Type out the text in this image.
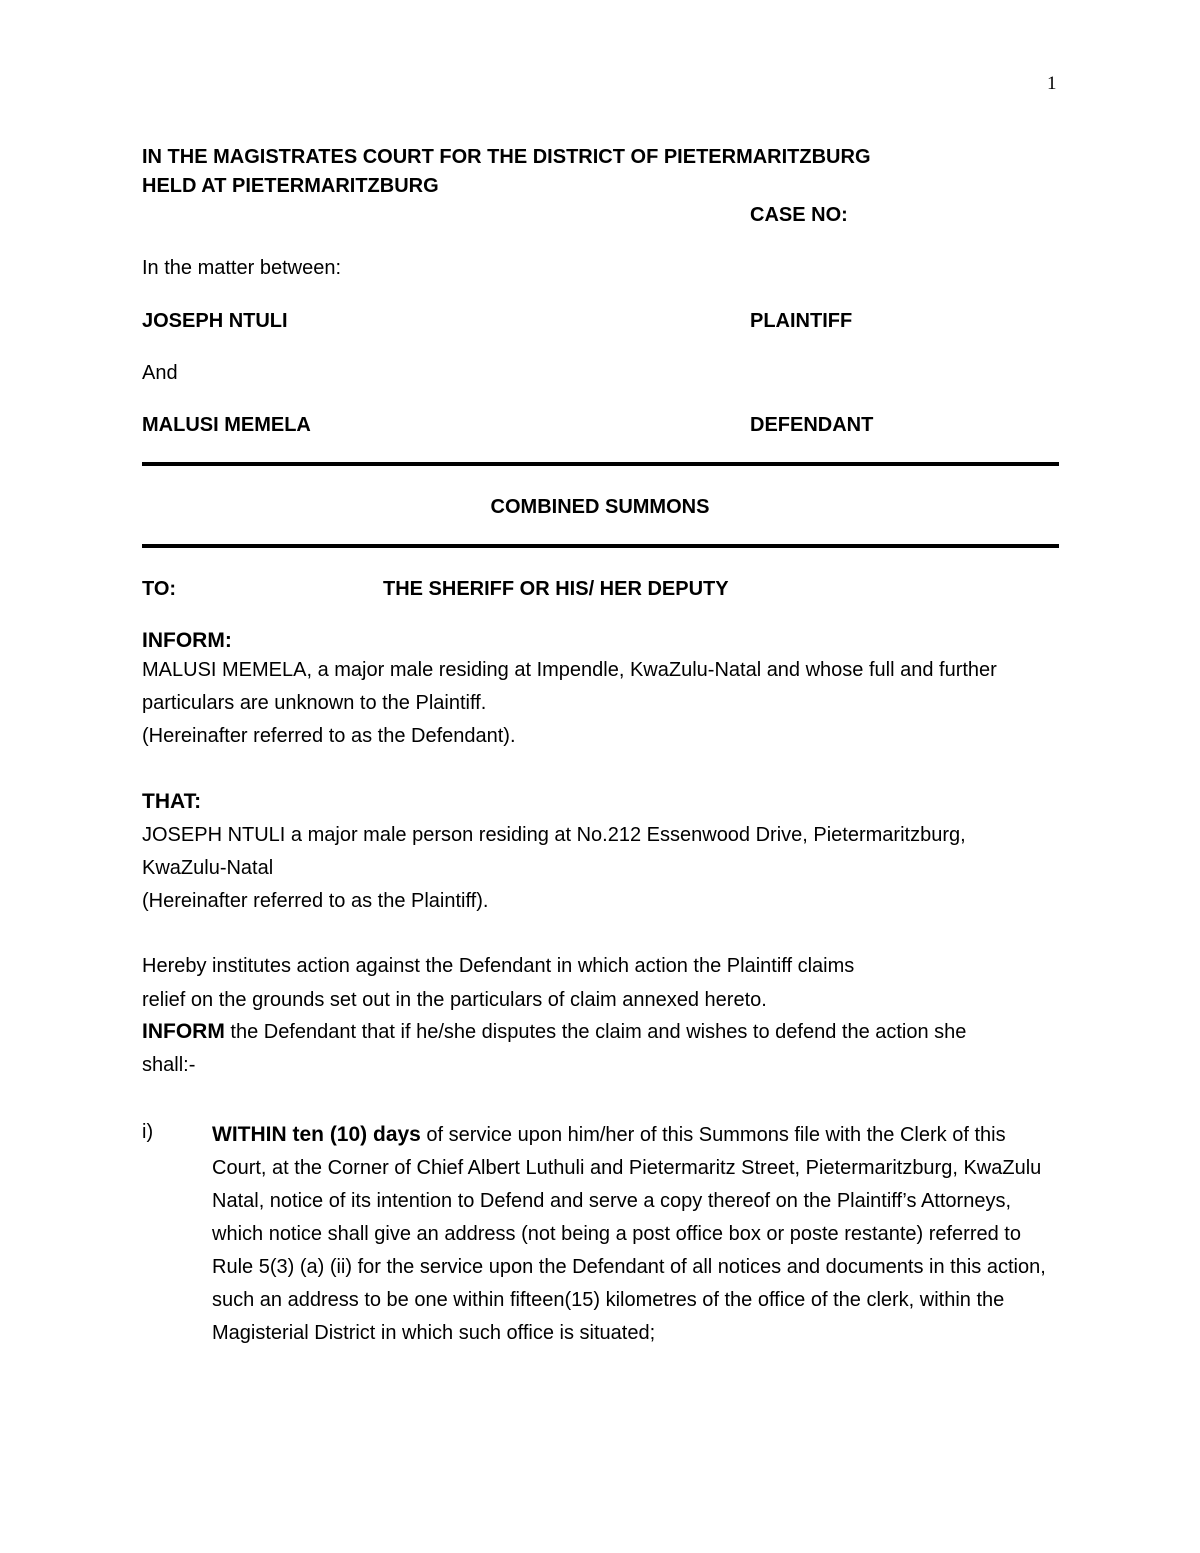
1
IN THE MAGISTRATES COURT FOR THE DISTRICT OF PIETERMARITZBURG
HELD AT PIETERMARITZBURG
CASE NO:
In the matter between:
JOSEPH NTULI	PLAINTIFF
And
MALUSI MEMELA	DEFENDANT
COMBINED SUMMONS
TO:	THE SHERIFF OR HIS/ HER DEPUTY
INFORM:
MALUSI MEMELA, a major male residing at Impendle, KwaZulu-Natal and whose full and further
particulars are unknown to the Plaintiff.
(Hereinafter referred to as the Defendant).
THAT:
JOSEPH NTULI a major male person residing at No.212 Essenwood Drive, Pietermaritzburg,
KwaZulu-Natal
(Hereinafter referred to as the Plaintiff).
Hereby institutes action against the Defendant in which action the Plaintiff claims
relief on the grounds set out in the particulars of claim annexed hereto.
INFORM the Defendant that if he/she disputes the claim and wishes to defend the action she
shall:-
i)	WITHIN ten (10) days of service upon him/her of this Summons file with the Clerk of this Court, at the Corner of Chief Albert Luthuli and Pietermaritz Street, Pietermaritzburg, KwaZulu Natal, notice of its intention to Defend and serve a copy thereof on the Plaintiff’s Attorneys, which notice shall give an address (not being a post office box or poste restante) referred to Rule 5(3) (a) (ii) for the service upon the Defendant of all notices and documents in this action, such an address to be one within fifteen(15) kilometres of the office of the clerk, within the Magisterial District in which such office is situated;
